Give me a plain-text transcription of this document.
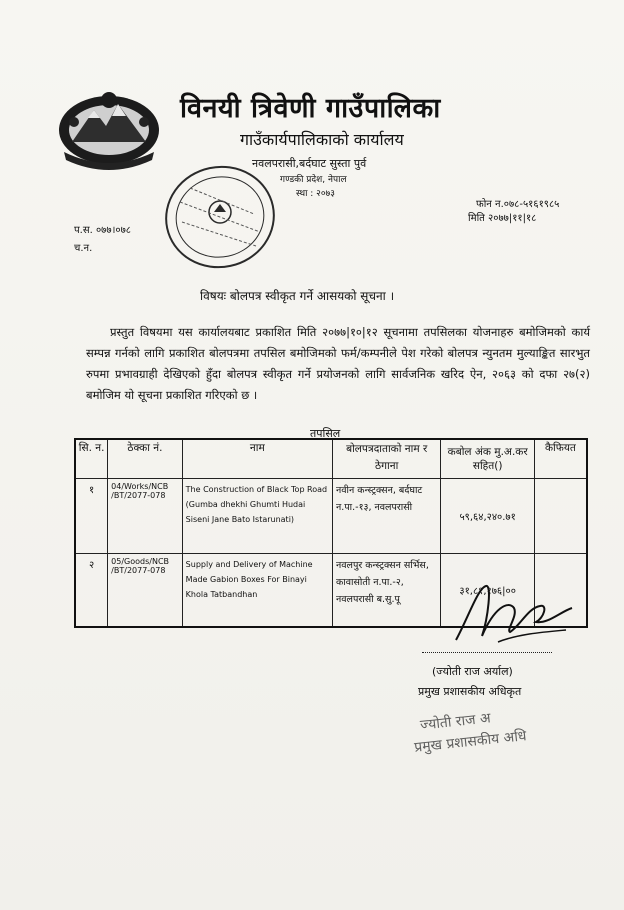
विनयी त्रिवेणी गाउँपालिका
गाउँकार्यपालिकाको कार्यालय
नवलपरासी,बर्दघाट सुस्ता पुर्व
गण्डकी प्रदेश, नेपाल
स्था : २०७३
फोन न.०७८-५१६१९८५
मिति २०७७|११|१८
प.स. ०७७।०७८
च.न.
विषयः बोलपत्र स्वीकृत गर्ने आसयको सूचना ।
प्रस्तुत विषयमा यस कार्यालयबाट प्रकाशित मिति २०७७|१०|१२ सूचनामा तपसिलका योजनाहरु बमोजिमको कार्य सम्पन्न गर्नको लागि प्रकाशित बोलपत्रमा तपसिल बमोजिमको फर्म/कम्पनीले पेश गरेको बोलपत्र न्युनतम मुल्याङ्कित सारभुत रुपमा प्रभावग्राही देखिएको हुँदा बोलपत्र स्वीकृत गर्ने प्रयोजनको लागि सार्वजनिक खरिद ऐन, २०६३ को दफा २७(२) बमोजिम यो सूचना प्रकाशित गरिएको छ ।
तपसिल
सि. न.	ठेक्का नं.	नाम	बोलपत्रदाताको नाम र ठेगाना	कबोल अंक मु.अ.कर सहित()	कैफियत
१	04/Works/NCB /BT/2077-078	The Construction of Black Top Road (Gumba dhekhi Ghumti Hudai Siseni Jane Bato Istarunati)	नवीन कन्स्ट्रक्सन, बर्दघाट न.पा.-१३, नवलपरासी	५९,६४,२४०.७१	
२	05/Goods/NCB /BT/2077-078	Supply and Delivery of Machine Made Gabion Boxes For Binayi Khola Tatbandhan	नवलपुर कन्स्ट्रक्सन सर्भिस, कावासोती न.पा.-२, नवलपरासी ब.सु.पू	३१,८१,१७६|००	
(ज्योती राज अर्याल)
प्रमुख प्रशासकीय अधिकृत
ज्योती राज अ
प्रमुख प्रशासकीय अधि
